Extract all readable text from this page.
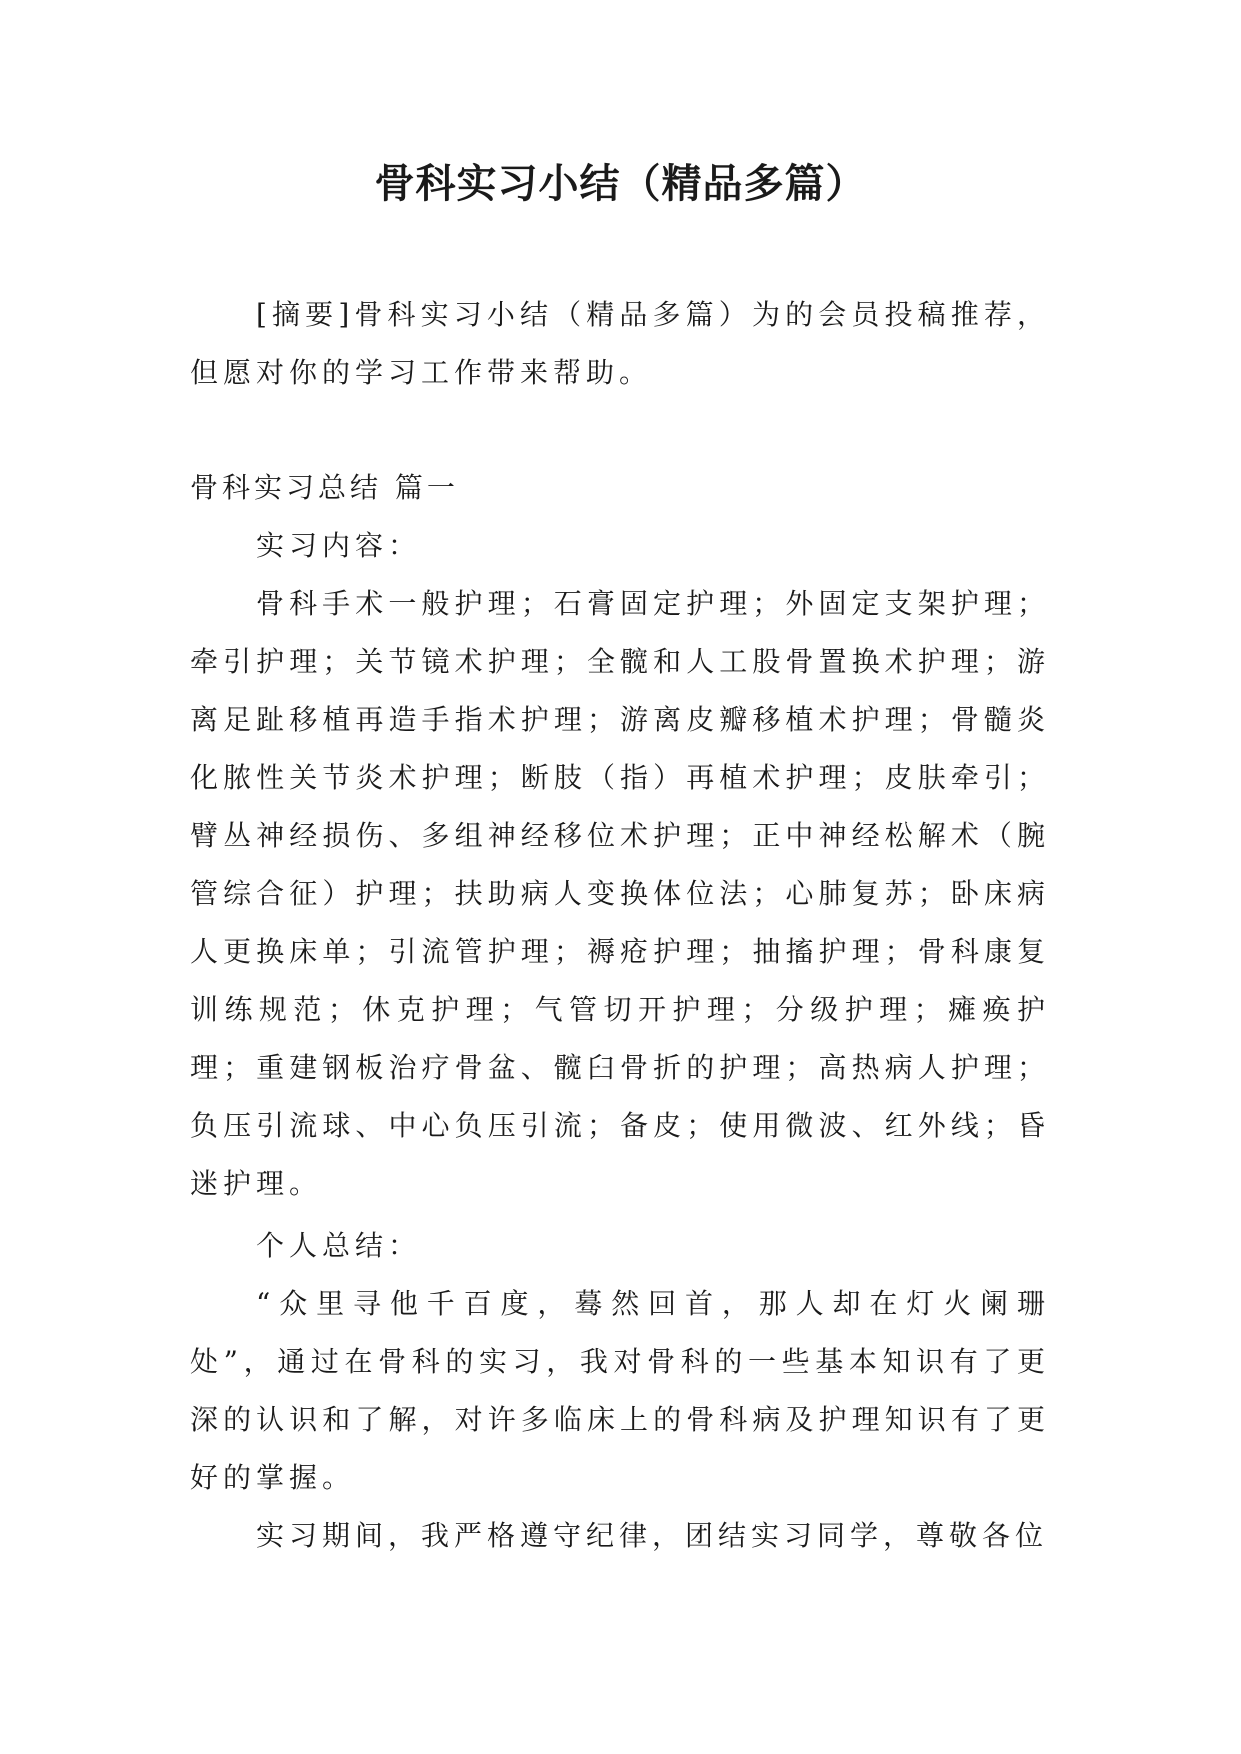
骨科实习小结（精品多篇）

[摘要]骨科实习小结（精品多篇）为的会员投稿推荐，但愿对你的学习工作带来帮助。

骨科实习总结 篇一

实习内容：

骨科手术一般护理；石膏固定护理；外固定支架护理；牵引护理；关节镜术护理；全髋和人工股骨置换术护理；游离足趾移植再造手指术护理；游离皮瓣移植术护理；骨髓炎化脓性关节炎术护理；断肢（指）再植术护理；皮肤牵引；臂丛神经损伤、多组神经移位术护理；正中神经松解术（腕管综合征）护理；扶助病人变换体位法；心肺复苏；卧床病人更换床单；引流管护理；褥疮护理；抽搐护理；骨科康复训练规范；休克护理；气管切开护理；分级护理；瘫痪护理；重建钢板治疗骨盆、髋臼骨折的护理；高热病人护理；负压引流球、中心负压引流；备皮；使用微波、红外线；昏迷护理。

个人总结：

“众里寻他千百度，蓦然回首，那人却在灯火阑珊处”，通过在骨科的实习，我对骨科的一些基本知识有了更深的认识和了解，对许多临床上的骨科病及护理知识有了更好的掌握。

实习期间，我严格遵守纪律，团结实习同学，尊敬各位
